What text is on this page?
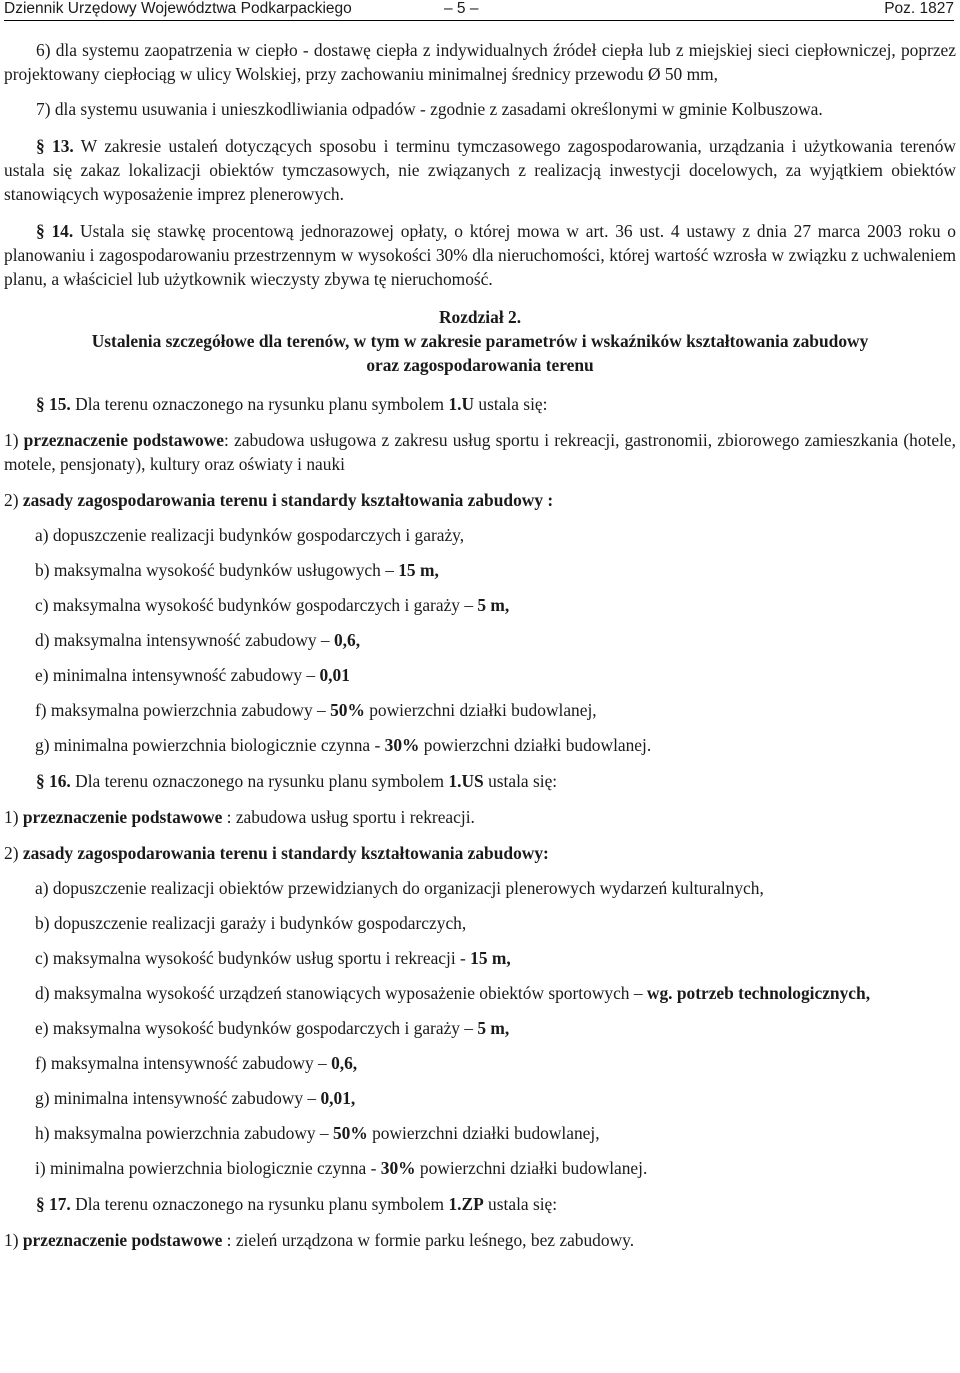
Dziennik Urzędowy Województwa Podkarpackiego	– 5 –	Poz. 1827

6) dla systemu zaopatrzenia w ciepło - dostawę ciepła z indywidualnych źródeł ciepła lub z miejskiej sieci ciepłowniczej, poprzez projektowany ciepłociąg w ulicy Wolskiej, przy zachowaniu minimalnej średnicy przewodu Ø 50 mm,

7) dla systemu usuwania i unieszkodliwiania odpadów - zgodnie z zasadami określonymi w gminie Kolbuszowa.

§ 13. W zakresie ustaleń dotyczących sposobu i terminu tymczasowego zagospodarowania, urządzania i użytkowania terenów ustala się zakaz lokalizacji obiektów tymczasowych, nie związanych z realizacją inwestycji docelowych, za wyjątkiem obiektów stanowiących wyposażenie imprez plenerowych.

§ 14. Ustala się stawkę procentową jednorazowej opłaty, o której mowa w art. 36 ust. 4 ustawy z dnia 27 marca 2003 roku o planowaniu i zagospodarowaniu przestrzennym w wysokości 30% dla nieruchomości, której wartość wzrosła w związku z uchwaleniem planu, a właściciel lub użytkownik wieczysty zbywa tę nieruchomość.

Rozdział 2.

Ustalenia szczegółowe dla terenów, w tym w zakresie parametrów i wskaźników kształtowania zabudowy

oraz zagospodarowania terenu

§ 15. Dla terenu oznaczonego na rysunku planu symbolem 1.U ustala się:

1) przeznaczenie podstawowe: zabudowa usługowa z zakresu usług sportu i rekreacji, gastronomii, zbiorowego zamieszkania (hotele, motele, pensjonaty), kultury oraz oświaty i nauki

2) zasady zagospodarowania terenu i standardy kształtowania zabudowy :

a) dopuszczenie realizacji budynków gospodarczych i garaży,

b) maksymalna wysokość budynków usługowych – 15 m,

c) maksymalna wysokość budynków gospodarczych i garaży – 5 m,

d) maksymalna intensywność zabudowy – 0,6,

e) minimalna intensywność zabudowy – 0,01

f) maksymalna powierzchnia zabudowy – 50% powierzchni działki budowlanej,

g) minimalna powierzchnia biologicznie czynna - 30% powierzchni działki budowlanej.

§ 16. Dla terenu oznaczonego na rysunku planu symbolem 1.US ustala się:

1) przeznaczenie podstawowe : zabudowa usług sportu i rekreacji.

2) zasady zagospodarowania terenu i standardy kształtowania zabudowy:

a) dopuszczenie realizacji obiektów przewidzianych do organizacji plenerowych wydarzeń kulturalnych,

b) dopuszczenie realizacji garaży i budynków gospodarczych,

c) maksymalna wysokość budynków usług sportu i rekreacji - 15 m,

d) maksymalna wysokość urządzeń stanowiących wyposażenie obiektów sportowych – wg. potrzeb technologicznych,

e) maksymalna wysokość budynków gospodarczych i garaży – 5 m,

f) maksymalna intensywność zabudowy – 0,6,

g) minimalna intensywność zabudowy – 0,01,

h) maksymalna powierzchnia zabudowy – 50% powierzchni działki budowlanej,

i) minimalna powierzchnia biologicznie czynna - 30% powierzchni działki budowlanej.

§ 17. Dla terenu oznaczonego na rysunku planu symbolem 1.ZP ustala się:

1) przeznaczenie podstawowe : zieleń urządzona w formie parku leśnego, bez zabudowy.
